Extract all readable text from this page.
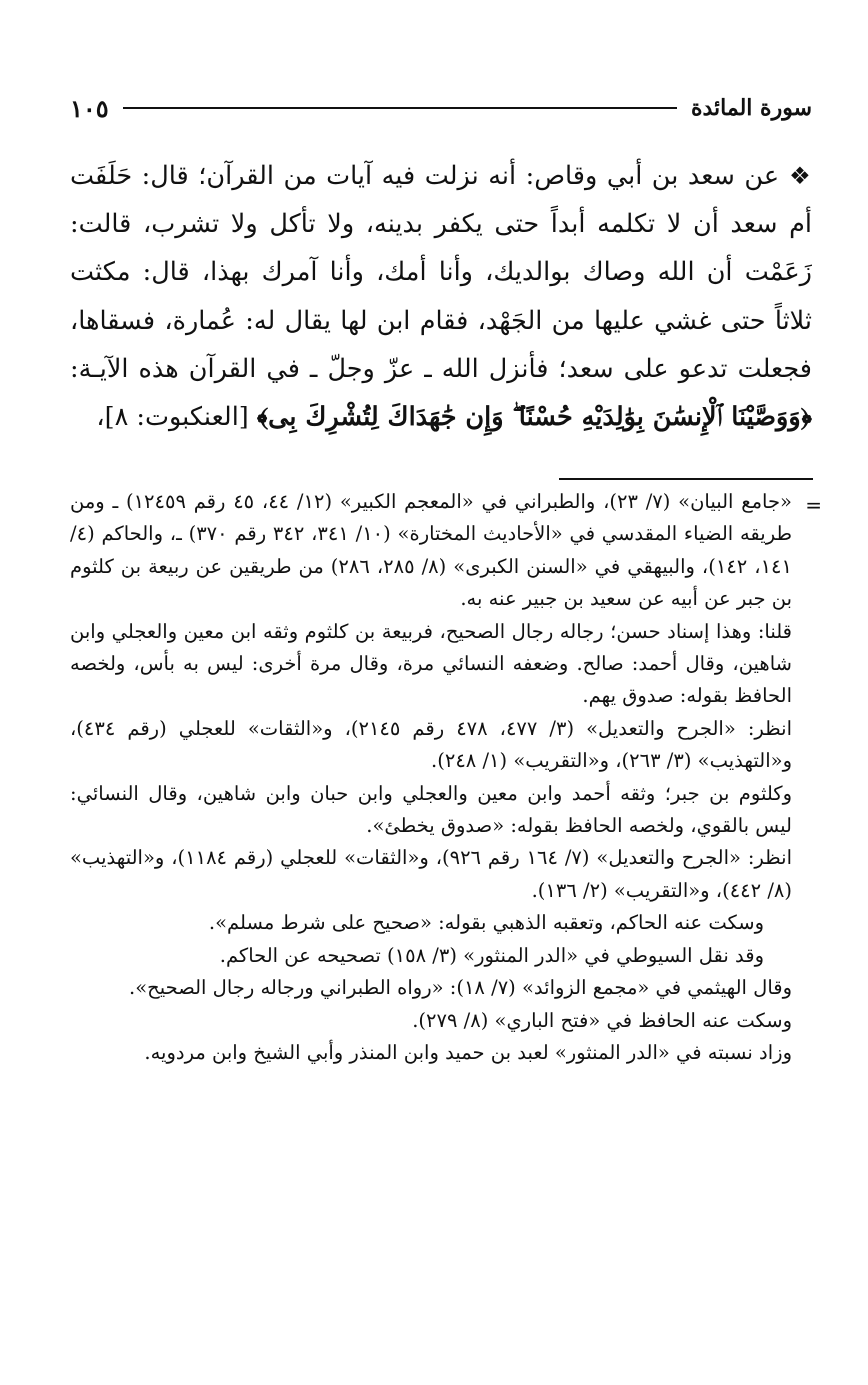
سورة المائدة
١٠٥
❖عن سعد بن أبي وقاص: أنه نزلت فيه آيات من القرآن؛ قال: حَلَفَت أم سعد أن لا تكلمه أبداً حتى يكفر بدينه، ولا تأكل ولا تشرب، قالت: زَعَمْت أن الله وصاك بوالديك، وأنا أمك، وأنا آمرك بهذا، قال: مكثت ثلاثاً حتى غشي عليها من الجَهْد، فقام ابن لها يقال له: عُمارة، فسقاها، فجعلت تدعو على سعد؛ فأنزل الله ـ عزّ وجلّ ـ في القرآن هذه الآيـة: ﴿وَوَصَّيْنَا ٱلْإِنسَٰنَ بِوَٰلِدَيْهِ حُسْنًا ۖ وَإِن جَٰهَدَاكَ لِتُشْرِكَ بِى﴾ [العنكبوت: ٨]،
=

«جامع البيان» (٧/ ٢٣)، والطبراني في «المعجم الكبير» (١٢/ ٤٤، ٤٥ رقم ١٢٤٥٩) ـ ومن طريقه الضياء المقدسي في «الأحاديث المختارة» (١٠/ ٣٤١، ٣٤٢ رقم ٣٧٠) ـ، والحاكم (٤/ ١٤١، ١٤٢)، والبيهقي في «السنن الكبرى» (٨/ ٢٨٥، ٢٨٦) من طريقين عن ربيعة بن كلثوم بن جبر عن أبيه عن سعيد بن جبير عنه به.

قلنا: وهذا إسناد حسن؛ رجاله رجال الصحيح، فربيعة بن كلثوم وثقه ابن معين والعجلي وابن شاهين، وقال أحمد: صالح. وضعفه النسائي مرة، وقال مرة أخرى: ليس به بأس، ولخصه الحافظ بقوله: صدوق يهم.

انظر: «الجرح والتعديل» (٣/ ٤٧٧، ٤٧٨ رقم ٢١٤٥)، و«الثقات» للعجلي (رقم ٤٣٤)، و«التهذيب» (٣/ ٢٦٣)، و«التقريب» (١/ ٢٤٨).

وكلثوم بن جبر؛ وثقه أحمد وابن معين والعجلي وابن حبان وابن شاهين، وقال النسائي: ليس بالقوي، ولخصه الحافظ بقوله: «صدوق يخطئ».

انظر: «الجرح والتعديل» (٧/ ١٦٤ رقم ٩٢٦)، و«الثقات» للعجلي (رقم ١١٨٤)، و«التهذيب» (٨/ ٤٤٢)، و«التقريب» (٢/ ١٣٦).

وسكت عنه الحاكم، وتعقبه الذهبي بقوله: «صحيح على شرط مسلم».

وقد نقل السيوطي في «الدر المنثور» (٣/ ١٥٨) تصحيحه عن الحاكم.

وقال الهيثمي في «مجمع الزوائد» (٧/ ١٨): «رواه الطبراني ورجاله رجال الصحيح».

وسكت عنه الحافظ في «فتح الباري» (٨/ ٢٧٩).

وزاد نسبته في «الدر المنثور» لعبد بن حميد وابن المنذر وأبي الشيخ وابن مردويه.
